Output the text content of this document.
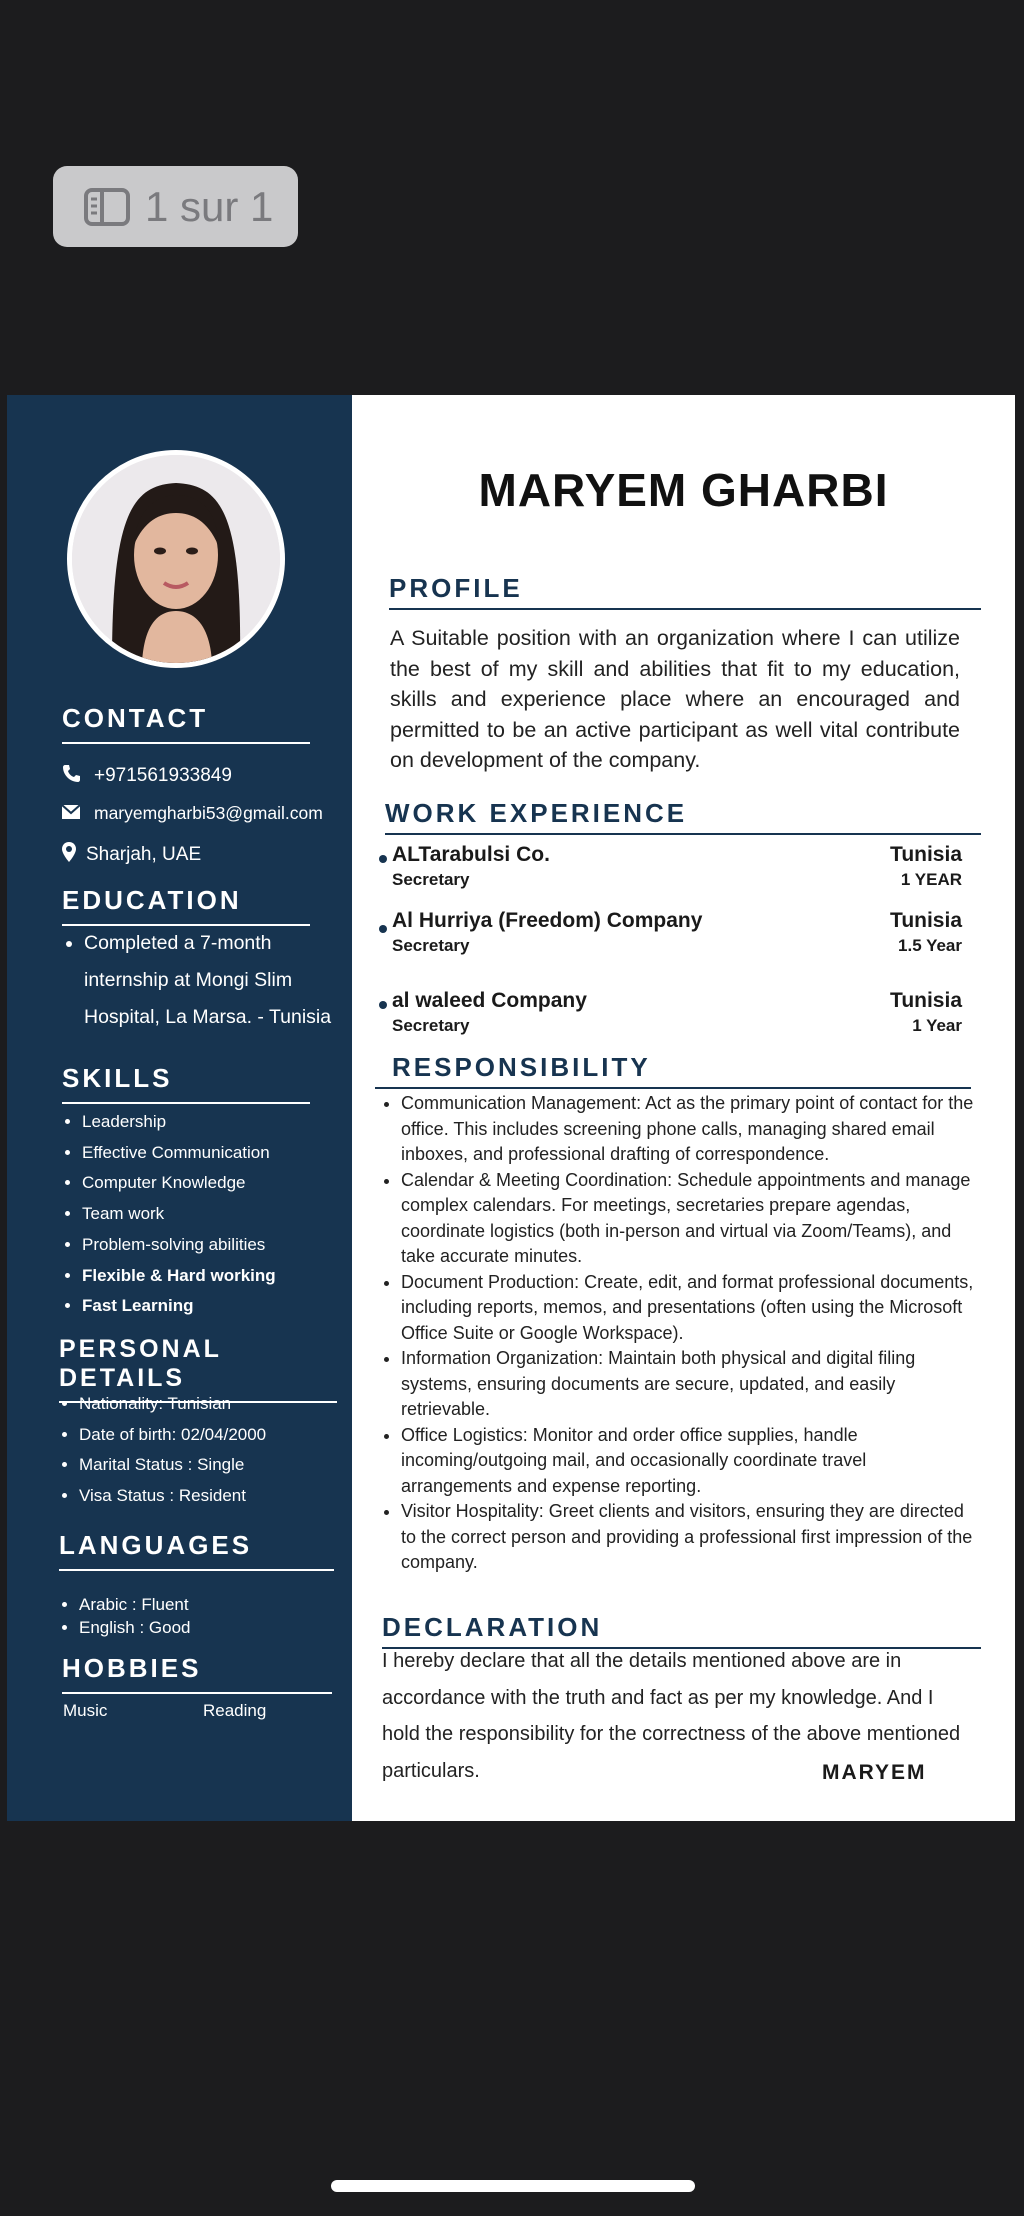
1 sur 1
CONTACT
+971561933849
maryemgharbi53@gmail.com
Sharjah, UAE
EDUCATION
• Completed a 7-month internship at Mongi Slim Hospital, La Marsa. - Tunisia
SKILLS
• Leadership
• Effective Communication
• Computer Knowledge
• Team work
• Problem-solving abilities
• Flexible & Hard working
• Fast Learning
PERSONAL DETAILS
• Nationality: Tunisian
• Date of birth: 02/04/2000
• Marital Status : Single
• Visa Status : Resident
LANGUAGES
• Arabic : Fluent
• English : Good
HOBBIES
Music	Reading
MARYEM GHARBI
PROFILE
A Suitable position with an organization where I can utilize the best of my skill and abilities that fit to my education, skills and experience place where an encouraged and permitted to be an active participant as well vital contribute on development of the company.
WORK EXPERIENCE
ALTarabulsi Co.
Secretary
Tunisia
1 YEAR
Al Hurriya (Freedom) Company
Secretary
Tunisia
1.5 Year
al waleed Company
Secretary
Tunisia
1 Year
RESPONSIBILITY
• Communication Management: Act as the primary point of contact for the office. This includes screening phone calls, managing shared email inboxes, and professional drafting of correspondence.
• Calendar & Meeting Coordination: Schedule appointments and manage complex calendars. For meetings, secretaries prepare agendas, coordinate logistics (both in-person and virtual via Zoom/Teams), and take accurate minutes.
• Document Production: Create, edit, and format professional documents, including reports, memos, and presentations (often using the Microsoft Office Suite or Google Workspace).
• Information Organization: Maintain both physical and digital filing systems, ensuring documents are secure, updated, and easily retrievable.
• Office Logistics: Monitor and order office supplies, handle incoming/outgoing mail, and occasionally coordinate travel arrangements and expense reporting.
• Visitor Hospitality: Greet clients and visitors, ensuring they are directed to the correct person and providing a professional first impression of the company.
DECLARATION
I hereby declare that all the details mentioned above are in accordance with the truth and fact as per my knowledge. And I hold the responsibility for the correctness of the above mentioned particulars.	MARYEM
